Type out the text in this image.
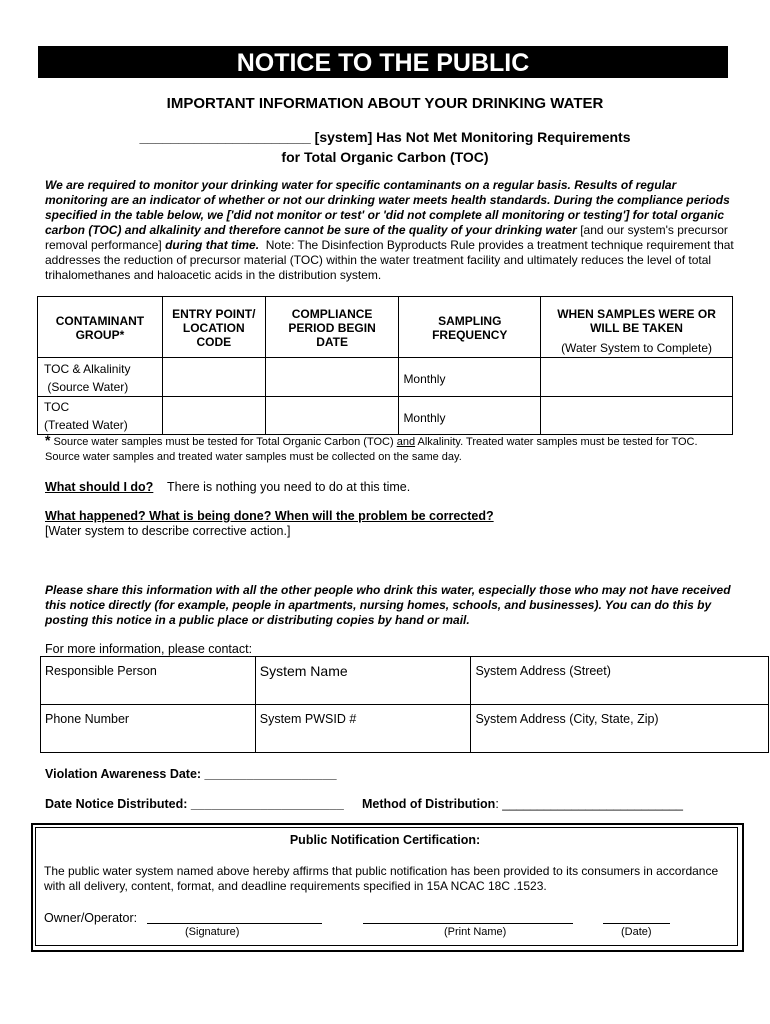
NOTICE TO THE PUBLIC
IMPORTANT INFORMATION ABOUT YOUR DRINKING WATER
______________________ [system] Has Not Met Monitoring Requirements
for Total Organic Carbon (TOC)
We are required to monitor your drinking water for specific contaminants on a regular basis. Results of regular monitoring are an indicator of whether or not our drinking water meets health standards. During the compliance periods specified in the table below, we ['did not monitor or test' or 'did not complete all monitoring or testing'] for total organic carbon (TOC) and alkalinity and therefore cannot be sure of the quality of your drinking water [and our system's precursor removal performance] during that time. Note: The Disinfection Byproducts Rule provides a treatment technique requirement that addresses the reduction of precursor material (TOC) within the water treatment facility and ultimately reduces the level of total trihalomethanes and haloacetic acids in the distribution system.
CONTAMINANT GROUP*	ENTRY POINT/ LOCATION CODE	COMPLIANCE PERIOD BEGIN DATE	SAMPLING FREQUENCY	WHEN SAMPLES WERE OR WILL BE TAKEN
(Water System to Complete)

TOC & Alkalinity
(Source Water)			Monthly	

TOC
(Treated Water)			Monthly	
* Source water samples must be tested for Total Organic Carbon (TOC) and Alkalinity. Treated water samples must be tested for TOC. Source water samples and treated water samples must be collected on the same day.
What should I do? There is nothing you need to do at this time.
What happened? What is being done? When will the problem be corrected?
[Water system to describe corrective action.]
Please share this information with all the other people who drink this water, especially those who may not have received this notice directly (for example, people in apartments, nursing homes, schools, and businesses). You can do this by posting this notice in a public place or distributing copies by hand or mail.
For more information, please contact:
Responsible Person	System Name	System Address (Street)
Phone Number	System PWSID #	System Address (City, State, Zip)
Violation Awareness Date: ___________________
Date Notice Distributed: ______________________ Method of Distribution: __________________________
Public Notification Certification:
The public water system named above hereby affirms that public notification has been provided to its consumers in accordance with all delivery, content, format, and deadline requirements specified in 15A NCAC 18C .1523.
Owner/Operator:
(Signature)	(Print Name)	(Date)
